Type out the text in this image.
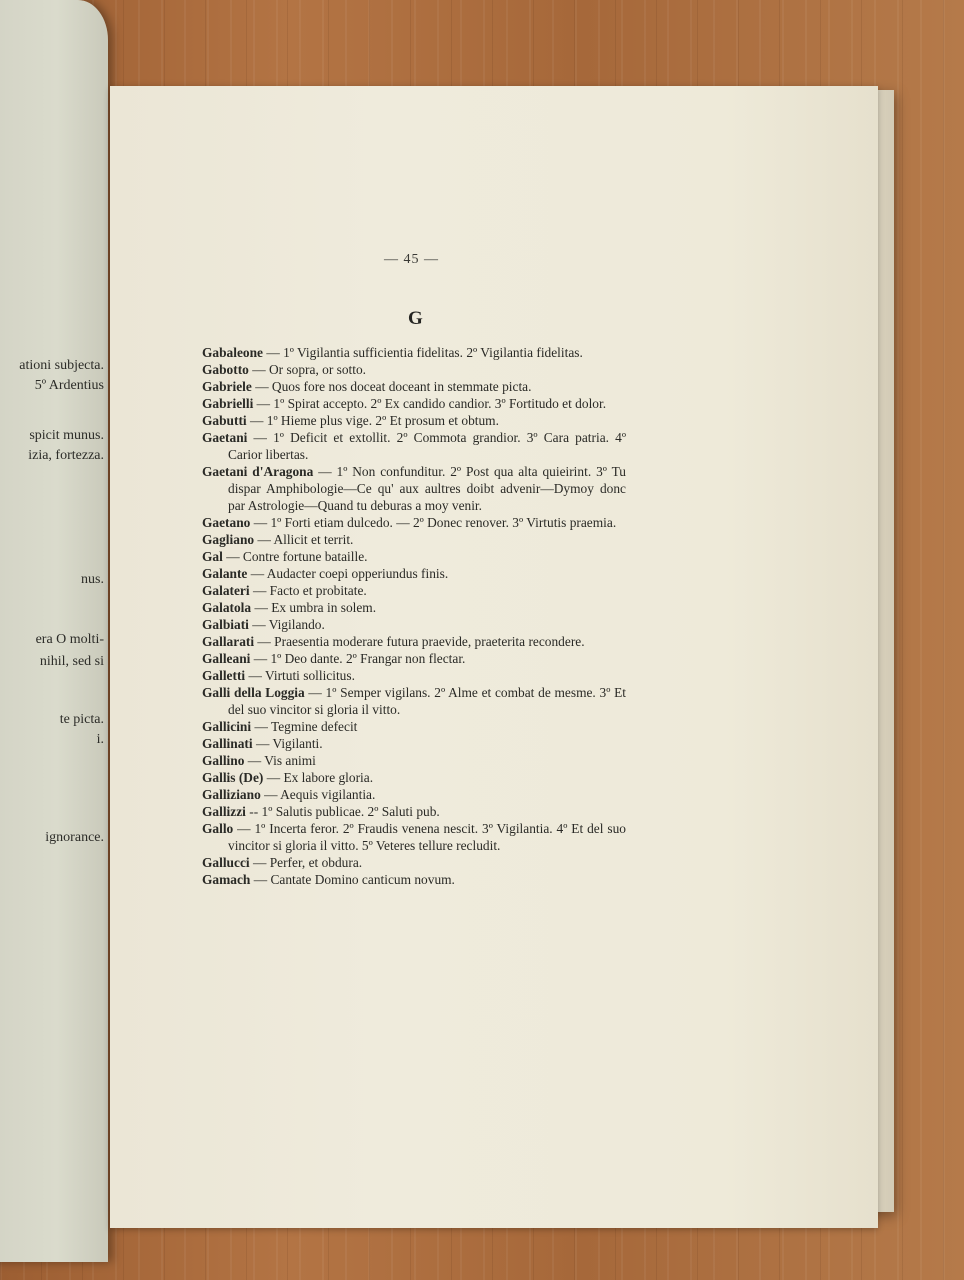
ationi subjecta.
5º Ardentius
spicit munus.
izia, fortezza.
nus.
era O molti-
nihil, sed si
te picta.
i.
ignorance.
— 45 —
G

Gabaleone — 1º Vigilantia sufficientia fidelitas. 2º Vigilantia fidelitas.

Gabotto — Or sopra, or sotto.

Gabriele — Quos fore nos doceat doceant in stemmate picta.

Gabrielli — 1º Spirat accepto. 2º Ex candido candior. 3º Fortitudo et dolor.

Gabutti — 1º Hieme plus vige. 2º Et prosum et obtum.

Gaetani — 1º Deficit et extollit. 2º Commota grandior. 3º Cara patria. 4º Carior libertas.

Gaetani d'Aragona — 1º Non confunditur. 2º Post qua alta quieirint. 3º Tu dispar Amphibologie—Ce qu' aux aultres doibt advenir—Dymoy donc par Astrologie—Quand tu deburas a moy venir.

Gaetano — 1º Forti etiam dulcedo. — 2º Donec renover. 3º Virtutis praemia.

Gagliano — Allicit et territ.

Gal — Contre fortune bataille.

Galante — Audacter coepi opperiundus finis.

Galateri — Facto et probitate.

Galatola — Ex umbra in solem.

Galbiati — Vigilando.

Gallarati — Praesentia moderare futura praevide, praeterita recondere.

Galleani — 1º Deo dante. 2º Frangar non flectar.

Galletti — Virtuti sollicitus.

Galli della Loggia — 1º Semper vigilans. 2º Alme et combat de mesme. 3º Et del suo vincitor si gloria il vitto.

Gallicini — Tegmine defecit

Gallinati — Vigilanti.

Gallino — Vis animi

Gallis (De) — Ex labore gloria.

Galliziano — Aequis vigilantia.

Gallizzi -- 1º Salutis publicae. 2º Saluti pub.

Gallo — 1º Incerta feror. 2º Fraudis venena nescit. 3º Vigilantia. 4º Et del suo vincitor si gloria il vitto. 5º Veteres tellure recludit.

Gallucci — Perfer, et obdura.

Gamach — Cantate Domino canticum novum.
